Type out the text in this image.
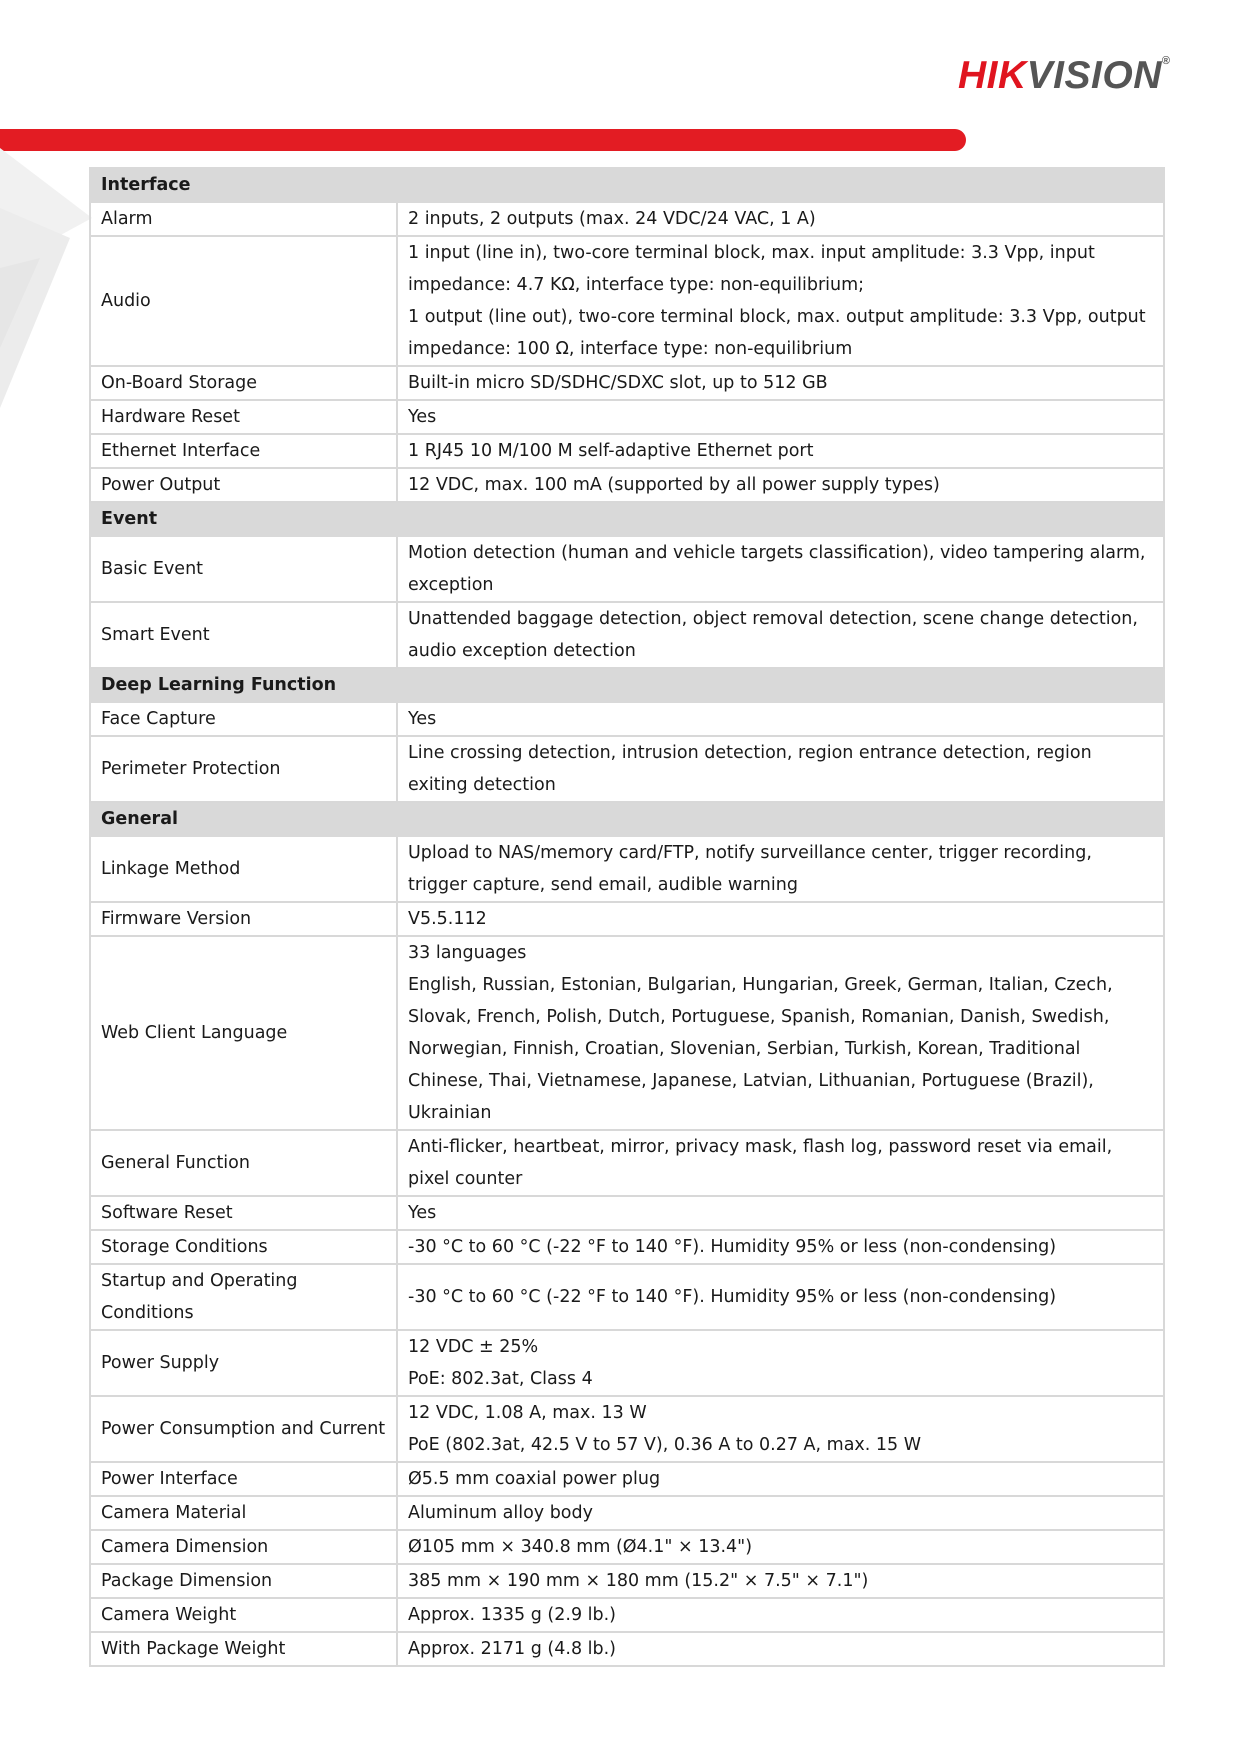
HIKVISION®
Interface	
Alarm	2 inputs, 2 outputs (max. 24 VDC/24 VAC, 1 A)

Audio	1 input (line in), two-core terminal block, max. input amplitude: 3.3 Vpp, input impedance: 4.7 KΩ, interface type: non-equilibrium;
1 output (line out), two-core terminal block, max. output amplitude: 3.3 Vpp, output impedance: 100 Ω, interface type: non-equilibrium

On-Board Storage	Built-in micro SD/SDHC/SDXC slot, up to 512 GB

Hardware Reset	Yes

Ethernet Interface	1 RJ45 10 M/100 M self-adaptive Ethernet port

Power Output	12 VDC, max. 100 mA (supported by all power supply types)

Event	
Basic Event	Motion detection (human and vehicle targets classification), video tampering alarm, exception

Smart Event	Unattended baggage detection, object removal detection, scene change detection, audio exception detection

Deep Learning Function	
Face Capture	Yes

Perimeter Protection	Line crossing detection, intrusion detection, region entrance detection, region exiting detection

General	
Linkage Method	Upload to NAS/memory card/FTP, notify surveillance center, trigger recording, trigger capture, send email, audible warning

Firmware Version	V5.5.112

Web Client Language	33 languages
English, Russian, Estonian, Bulgarian, Hungarian, Greek, German, Italian, Czech, Slovak, French, Polish, Dutch, Portuguese, Spanish, Romanian, Danish, Swedish, Norwegian, Finnish, Croatian, Slovenian, Serbian, Turkish, Korean, Traditional Chinese, Thai, Vietnamese, Japanese, Latvian, Lithuanian, Portuguese (Brazil), Ukrainian

General Function	Anti-flicker, heartbeat, mirror, privacy mask, flash log, password reset via email, pixel counter

Software Reset	Yes

Storage Conditions	-30 °C to 60 °C (-22 °F to 140 °F). Humidity 95% or less (non-condensing)

Startup and Operating Conditions	-30 °C to 60 °C (-22 °F to 140 °F). Humidity 95% or less (non-condensing)

Power Supply	12 VDC ± 25%
PoE: 802.3at, Class 4

Power Consumption and Current	12 VDC, 1.08 A, max. 13 W
PoE (802.3at, 42.5 V to 57 V), 0.36 A to 0.27 A, max. 15 W

Power Interface	Ø5.5 mm coaxial power plug

Camera Material	Aluminum alloy body

Camera Dimension	Ø105 mm × 340.8 mm (Ø4.1" × 13.4")

Package Dimension	385 mm × 190 mm × 180 mm (15.2" × 7.5" × 7.1")

Camera Weight	Approx. 1335 g (2.9 lb.)

With Package Weight	Approx. 2171 g (4.8 lb.)
